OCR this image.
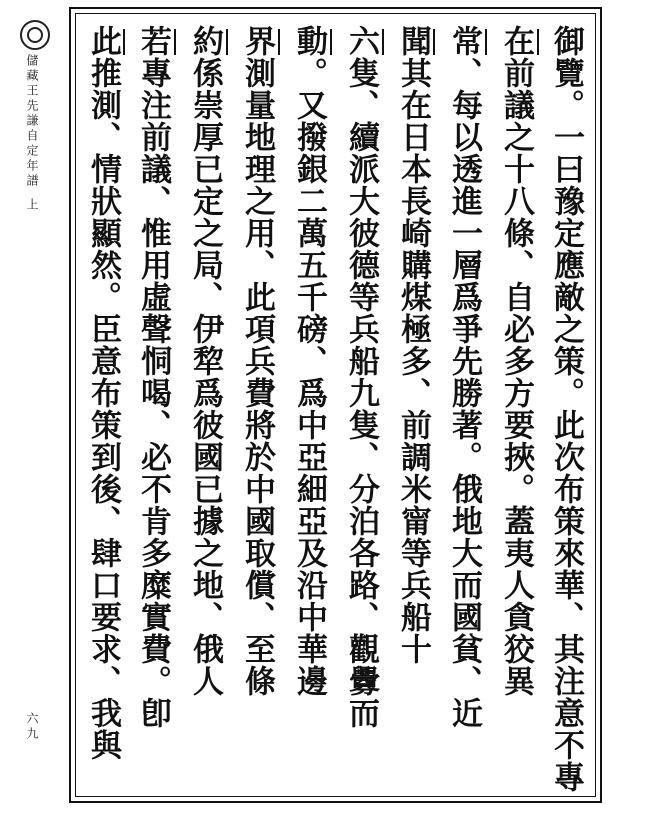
儲藏
王先謙自定年譜
上
六九	御覽。一曰豫定應敵之策。此次布策來華、其注意不專
在前議之十八條、自必多方要挾。蓋夷人貪狡異
常、每以透進一層爲爭先勝著。俄地大而國貧、近
聞其在日本長崎購煤極多、前調米甯等兵船十
六隻、續派大彼德等兵船九隻、分泊各路、觀釁而
動。又撥銀二萬五千磅、爲中亞細亞及沿中華邊
界測量地理之用、此項兵費將於中國取償、至條
約係崇厚已定之局、伊犂爲彼國已據之地、俄人
若專注前議、惟用虛聲恫喝、必不肯多糜實費。卽
此推測、情狀顯然。臣意布策到後、肆口要求、我與
